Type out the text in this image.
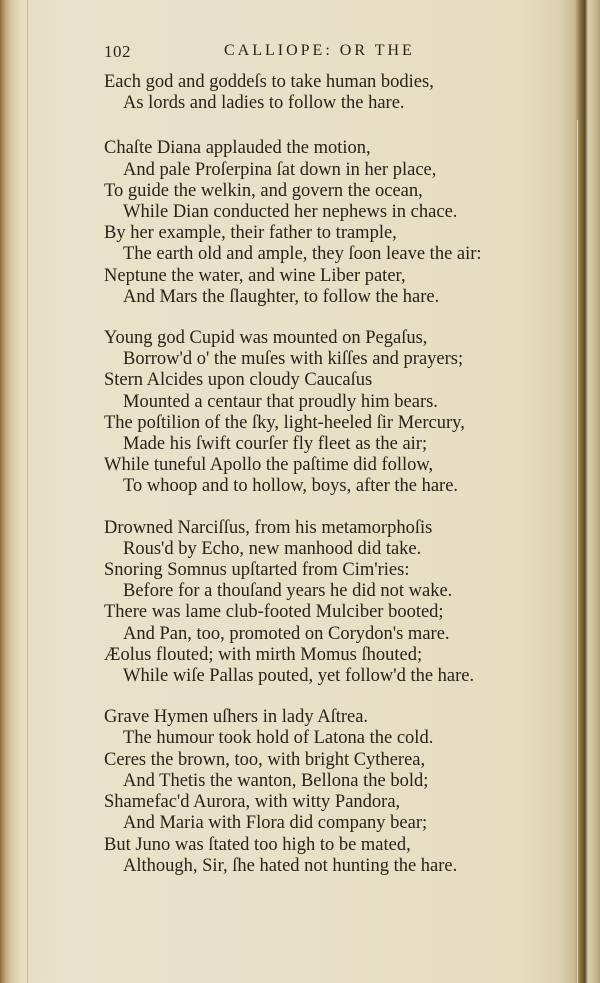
102	CALLIOPE: OR THE
Each god and goddeſs to take human bodies,
As lords and ladies to follow the hare.
Chaſte Diana applauded the motion,
And pale Proſerpina ſat down in her place,
To guide the welkin, and govern the ocean,
While Dian conducted her nephews in chace.
By her example, their father to trample,
The earth old and ample, they ſoon leave the air:
Neptune the water, and wine Liber pater,
And Mars the ſlaughter, to follow the hare.
Young god Cupid was mounted on Pegaſus,
Borrow'd o' the muſes with kiſſes and prayers;
Stern Alcides upon cloudy Caucaſus
Mounted a centaur that proudly him bears.
The poſtilion of the ſky, light-heeled ſir Mercury,
Made his ſwift courſer fly fleet as the air;
While tuneful Apollo the paſtime did follow,
To whoop and to hollow, boys, after the hare.
Drowned Narciſſus, from his metamorphoſis
Rous'd by Echo, new manhood did take.
Snoring Somnus upſtarted from Cim'ries:
Before for a thouſand years he did not wake.
There was lame club-footed Mulciber booted;
And Pan, too, promoted on Corydon's mare.
Æolus flouted; with mirth Momus ſhouted;
While wiſe Pallas pouted, yet follow'd the hare.
Grave Hymen uſhers in lady Aſtrea.
The humour took hold of Latona the cold.
Ceres the brown, too, with bright Cytherea,
And Thetis the wanton, Bellona the bold;
Shamefac'd Aurora, with witty Pandora,
And Maria with Flora did company bear;
But Juno was ſtated too high to be mated,
Although, Sir, ſhe hated not hunting the hare.
